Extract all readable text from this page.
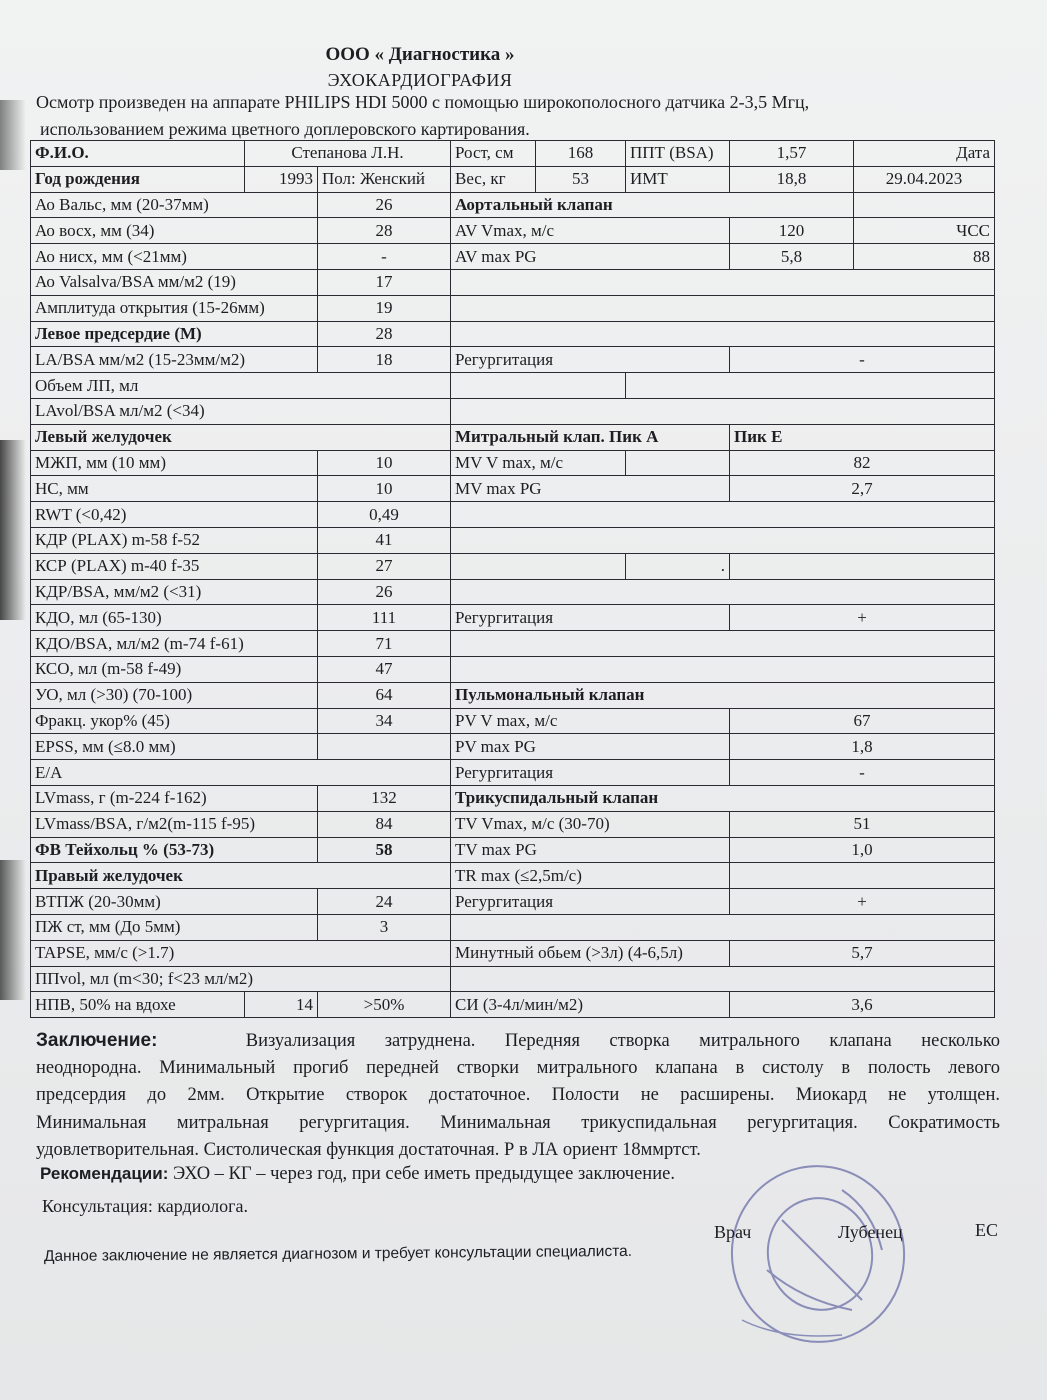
ООО « Диагностика »
ЭХОКАРДИОГРАФИЯ
Осмотр произведен на аппарате PHILIPS HDI 5000 с помощью широкополосного датчика 2-3,5 Мгц,
использованием режима цветного доплеровского картирования.
Ф.И.О.	Степанова Л.Н.		Рост, см	168	ППТ (BSA)	1,57	Дата
Год рождения	1993	Пол: Женский	Вес, кг	53	ИМТ	18,8	29.04.2023
Ао Вальс, мм (20-37мм)		26	Аортальный клапан				
Ао восх, мм (34)		28	AV Vmax, м/с			120	ЧСС
Ао нисх, мм (<21мм)		-	AV max PG			5,8	88
Ао Valsalva/BSA мм/м2 (19)		17					
Амплитуда открытия (15-26мм)		19					
Левое предсердие (М)		28					
LA/BSA мм/м2 (15-23мм/м2)		18	Регургитация			-	
Объем ЛП, мл							
LAvol/BSA мл/м2 (<34)							
Левый желудочек			Митральный клап. Пик А			Пик Е	
МЖП, мм (10 мм)		10	MV V max, м/с			82	
НС, мм		10	MV max PG			2,7	
RWT (<0,42)		0,49					
КДР (PLAX) m-58 f-52		41					
КСР (PLAX) m-40 f-35		27			.		
КДР/BSA, мм/м2 (<31)		26					
КДО, мл (65-130)		111	Регургитация			+	
КДО/BSA, мл/м2 (m-74 f-61)		71					
КСО, мл (m-58 f-49)		47					
УО, мл (>30) (70-100)		64	Пульмональный клапан				
Фракц. укор% (45)		34	PV V max, м/с			67	
EPSS, мм (≤8.0 мм)			PV max PG			1,8	
E/A			Регургитация			-	
LVmass, г (m-224 f-162)		132	Трикуспидальный клапан				
LVmass/BSA, г/м2(m-115 f-95)		84	TV Vmax, м/с (30-70)			51	
ФВ Тейхольц % (53-73)		58	TV max PG			1,0	
Правый желудочек			TR max (≤2,5m/c)				
ВТПЖ (20-30мм)		24	Регургитация			+	
ПЖ ст, мм (До 5мм)		3					
TAPSE, мм/с (>1.7)			Минутный обьем (>3л) (4-6,5л)			5,7	
ППvol, мл (m<30; f<23 мл/м2)							
НПВ, 50% на вдохе	14	>50%	СИ (3-4л/мин/м2)			3,6	
Заключение:	Визуализация затруднена. Передняя створка митрального клапана несколько
неоднородна. Минимальный прогиб передней створки митрального клапана в систолу в полость левого
предсердия до 2мм. Открытие створок достаточное. Полости не расширены. Миокард не утолщен.
Минимальная митральная регургитация. Минимальная трикуспидальная регургитация. Сократимость
удовлетворительная. Систолическая функция достаточная. Р в ЛА ориент 18ммртст.
Рекомендации: ЭХО – КГ – через год, при себе иметь предыдущее заключение.
Консультация: кардиолога.
Врач	Лубенец	ЕС
Данное заключение не является диагнозом и требует консультации специалиста.
